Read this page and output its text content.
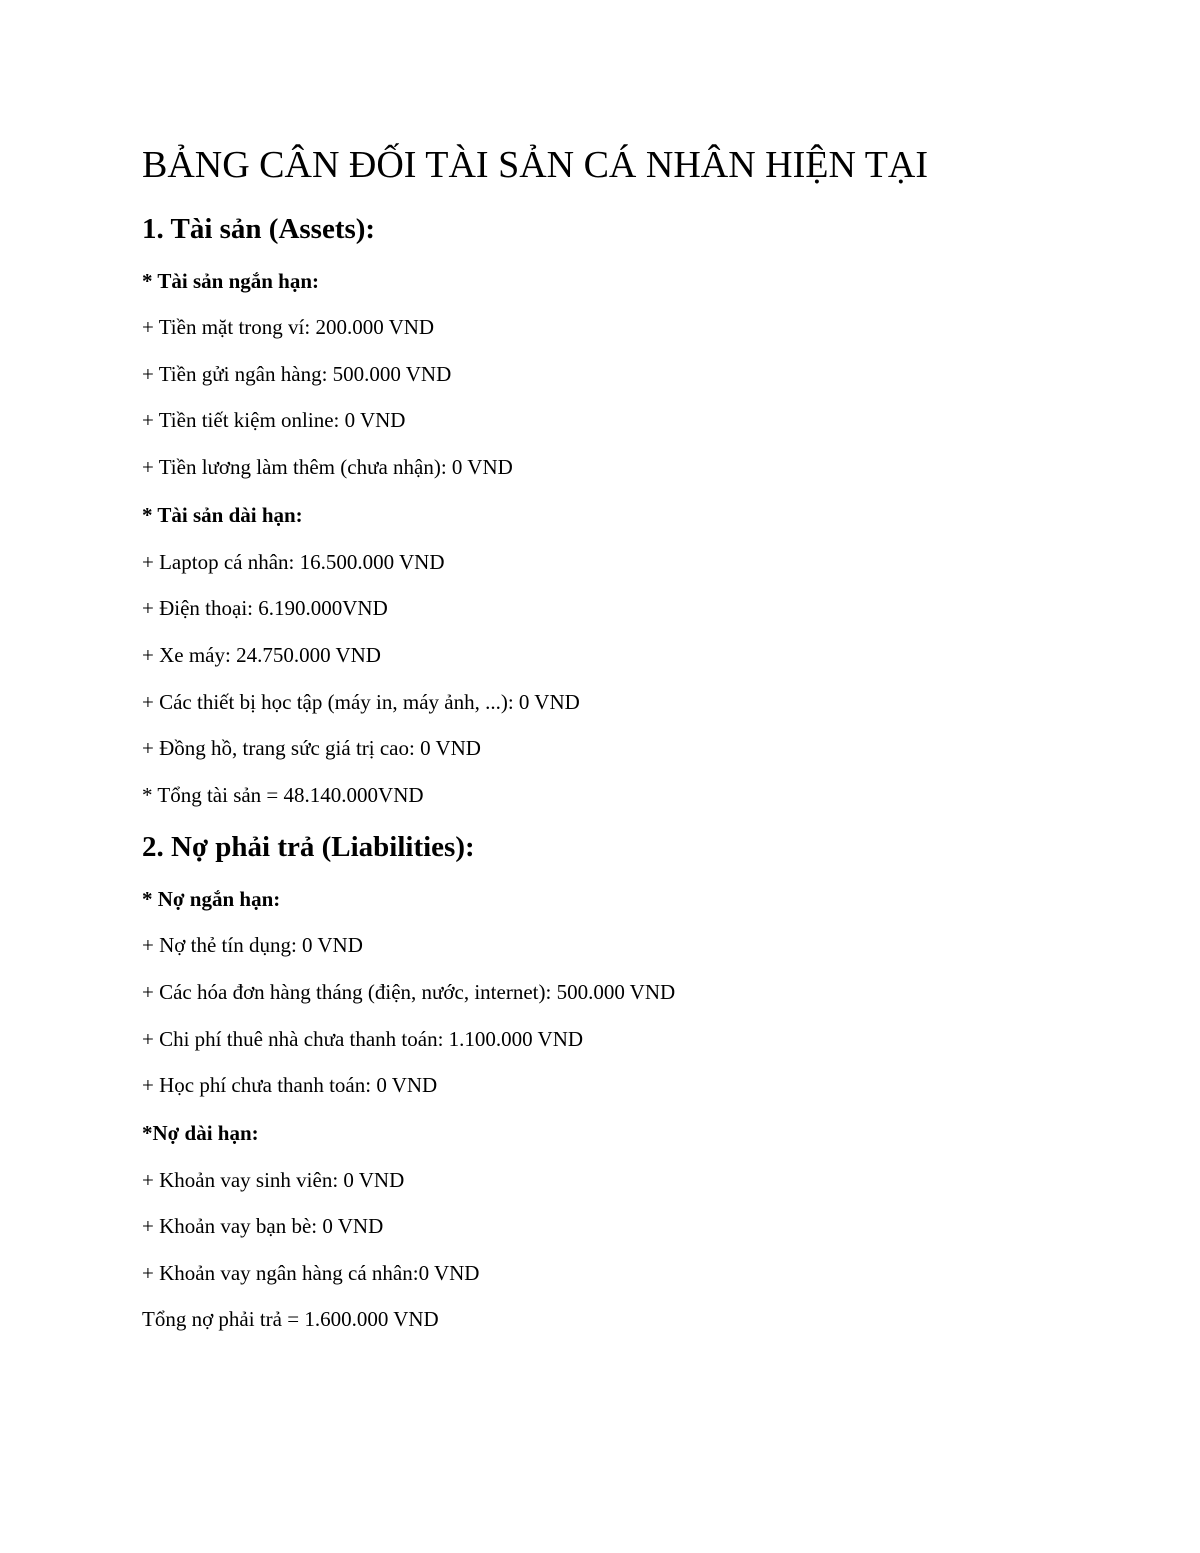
BẢNG CÂN ĐỐI TÀI SẢN CÁ NHÂN HIỆN TẠI
1. Tài sản (Assets):

* Tài sản ngắn hạn:

+ Tiền mặt trong ví: 200.000 VND

+ Tiền gửi ngân hàng: 500.000 VND

+ Tiền tiết kiệm online: 0 VND

+ Tiền lương làm thêm (chưa nhận): 0 VND

* Tài sản dài hạn:

+ Laptop cá nhân: 16.500.000 VND

+ Điện thoại: 6.190.000VND

+ Xe máy: 24.750.000 VND

+ Các thiết bị học tập (máy in, máy ảnh, ...): 0 VND

+ Đồng hồ, trang sức giá trị cao: 0 VND

* Tổng tài sản = 48.140.000VND

2. Nợ phải trả (Liabilities):

* Nợ ngắn hạn:

+ Nợ thẻ tín dụng: 0 VND

+ Các hóa đơn hàng tháng (điện, nước, internet): 500.000 VND

+ Chi phí thuê nhà chưa thanh toán: 1.100.000 VND

+ Học phí chưa thanh toán: 0 VND

*Nợ dài hạn:

+ Khoản vay sinh viên: 0 VND

+ Khoản vay bạn bè: 0 VND

+ Khoản vay ngân hàng cá nhân:0 VND

Tổng nợ phải trả = 1.600.000 VND
